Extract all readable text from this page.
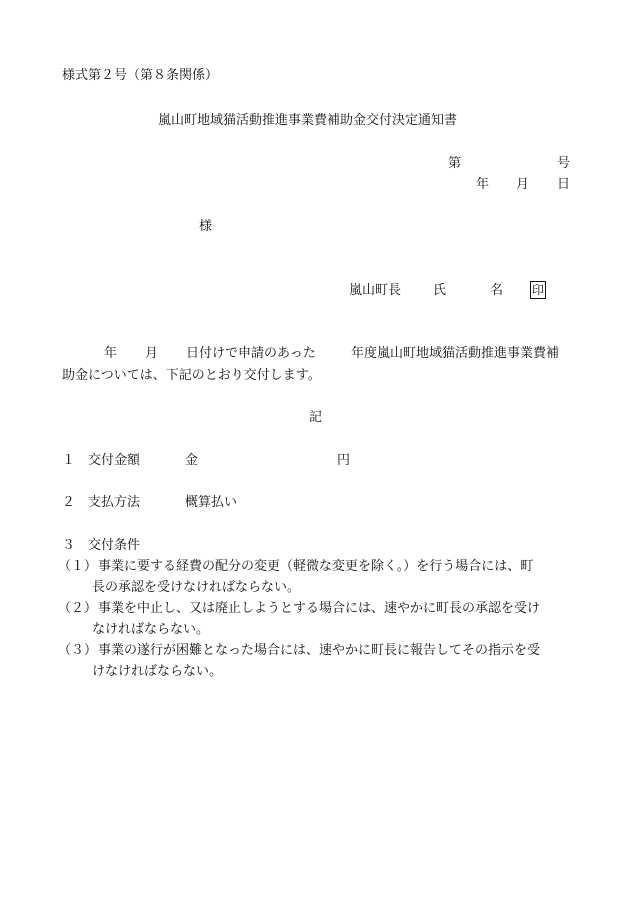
様式第２号（第８条関係）
嵐山町地域猫活動推進事業費補助金交付決定通知書
第	号
年 月 日
様
嵐山町長 氏	名 印
年 月 日付けで申請のあった	年度嵐山町地域猫活動推進事業費補
助金については、下記のとおり交付します。
記
１ 交付金額	金	円
２ 支払方法	概算払い
３ 交付条件
（１） 事業に要する経費の配分の変更（軽微な変更を除く。）を行う場合には、町
長の承認を受けなければならない。
（２） 事業を中止し、又は廃止しようとする場合には、速やかに町長の承認を受け
なければならない。
（３） 事業の遂行が困難となった場合には、速やかに町長に報告してその指示を受
けなければならない。
